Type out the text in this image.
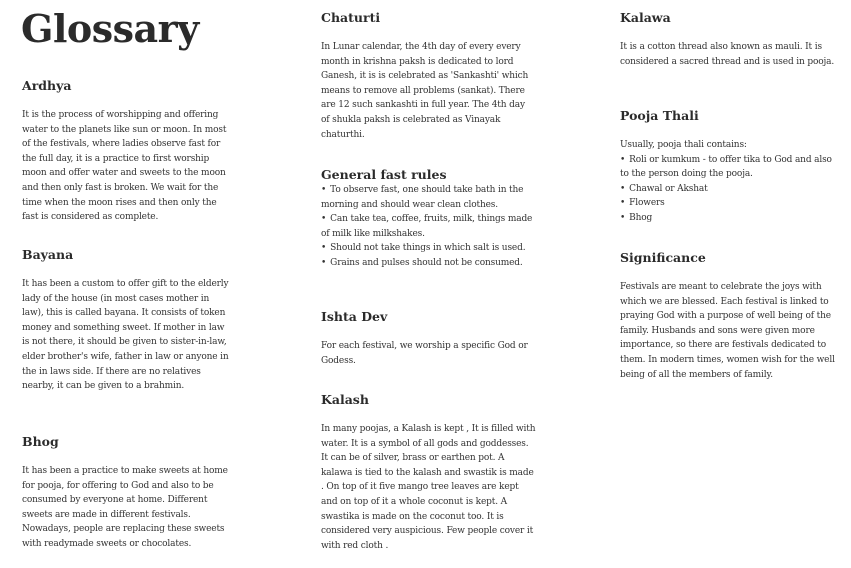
Glossary
Ardhya

It is the process of worshipping and offering water to the planets like sun or moon. In most of the festivals, where ladies observe fast for the full day, it is a practice to first worship moon and offer water and sweets to the moon and then only fast is broken. We wait for the time when the moon rises and then only the fast is considered as complete.

Bayana

It has been a custom to offer gift to the elderly lady of the house (in most cases mother in law), this is called bayana. It consists of token money and something sweet. If mother in law is not there, it should be given to sister-in-law, elder brother's wife, father in law or anyone in the in laws side. If there are no relatives nearby, it can be given to a brahmin.

Bhog

It has been a practice to make sweets at home for pooja, for offering to God and also to be consumed by everyone at home. Different sweets are made in different festivals. Nowadays, people are replacing these sweets with readymade sweets or chocolates.

Chaturti

In Lunar calendar, the 4th day of every every month in krishna paksh is dedicated to lord Ganesh, it is is celebrated as 'Sankashti' which means to remove all problems (sankat). There are 12 such sankashti in full year. The 4th day of shukla paksh is celebrated as Vinayak chaturthi.

General fast rules
• To observe fast, one should take bath in the morning and should wear clean clothes.
• Can take tea, coffee, fruits, milk, things made of milk like milkshakes.
• Should not take things in which salt is used.
• Grains and pulses should not be consumed.
Ishta Dev

For each festival, we worship a specific God or Godess.

Kalash

In many poojas, a Kalash is kept , It is filled with water. It is a symbol of all gods and goddesses. It can be of silver, brass or earthen pot. A kalawa is tied to the kalash and swastik is made . On top of it five mango tree leaves are kept and on top of it a whole coconut is kept. A swastika is made on the coconut too. It is considered very auspicious. Few people cover it with red cloth .

Kalawa

It is a cotton thread also known as mauli. It is considered a sacred thread and is used in pooja.

Pooja Thali

Usually, pooja thali contains:

• Roli or kumkum - to offer tika to God and also to the person doing the pooja.
• Chawal or Akshat
• Flowers
• Bhog
Significance

Festivals are meant to celebrate the joys with which we are blessed. Each festival is linked to praying God with a purpose of well being of the family. Husbands and sons were given more importance, so there are festivals dedicated to them. In modern times, women wish for the well being of all the members of family.
